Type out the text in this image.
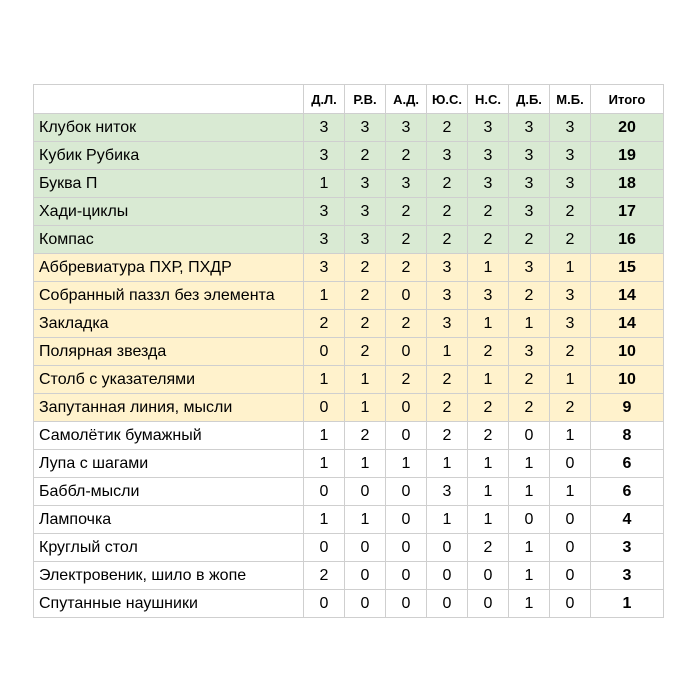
	Д.Л.	Р.В.	А.Д.	Ю.С.	Н.С.	Д.Б.	М.Б.	Итого
Клубок ниток	3	3	3	2	3	3	3	20
Кубик Рубика	3	2	2	3	3	3	3	19
Буква П	1	3	3	2	3	3	3	18
Хади-циклы	3	3	2	2	2	3	2	17
Компас	3	3	2	2	2	2	2	16
Аббревиатура ПХР, ПХДР	3	2	2	3	1	3	1	15
Собранный паззл без элемента	1	2	0	3	3	2	3	14
Закладка	2	2	2	3	1	1	3	14
Полярная звезда	0	2	0	1	2	3	2	10
Столб с указателями	1	1	2	2	1	2	1	10
Запутанная линия, мысли	0	1	0	2	2	2	2	9
Самолётик бумажный	1	2	0	2	2	0	1	8
Лупа с шагами	1	1	1	1	1	1	0	6
Баббл-мысли	0	0	0	3	1	1	1	6
Лампочка	1	1	0	1	1	0	0	4
Круглый стол	0	0	0	0	2	1	0	3
Электровеник, шило в жопе	2	0	0	0	0	1	0	3
Спутанные наушники	0	0	0	0	0	1	0	1
